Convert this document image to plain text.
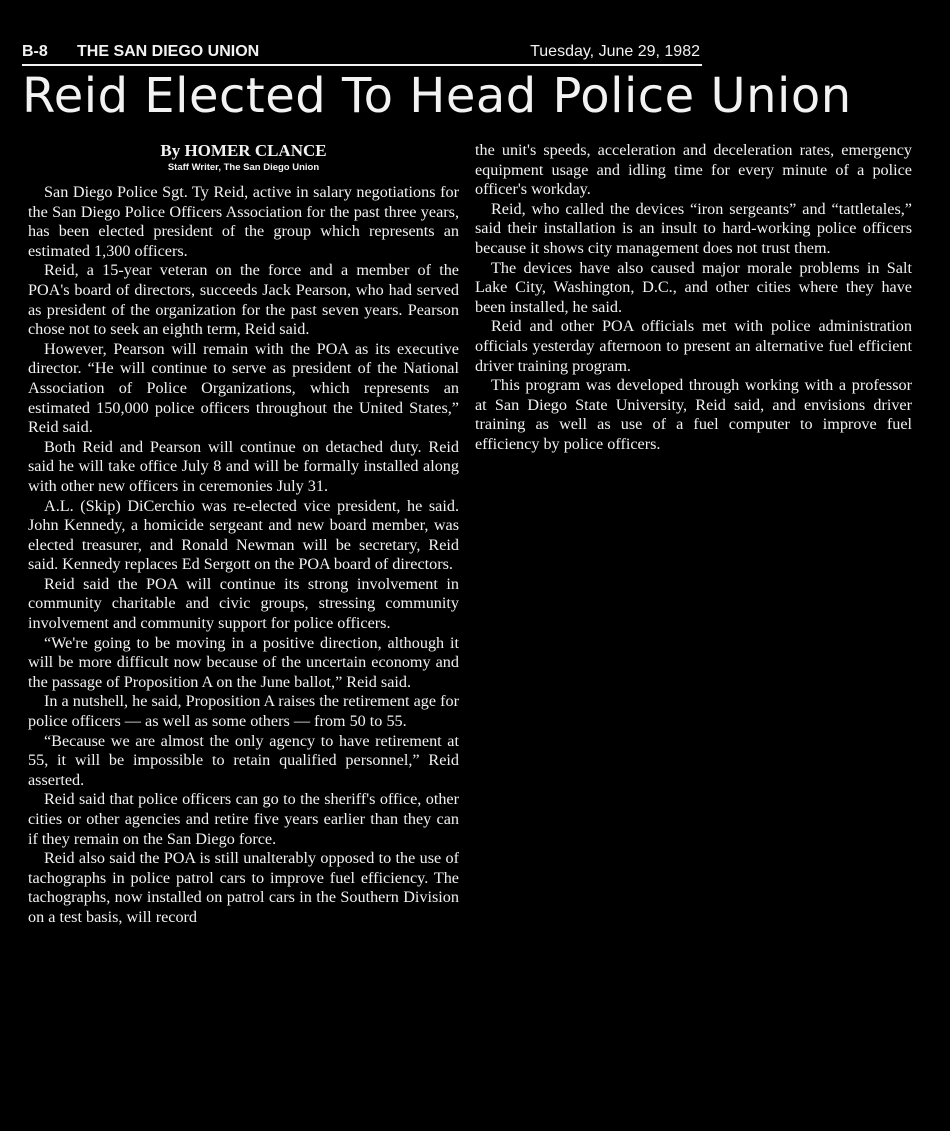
B-8 THE SAN DIEGO UNION	Tuesday, June 29, 1982
Reid Elected To Head Police Union
By HOMER CLANCE
Staff Writer, The San Diego Union

San Diego Police Sgt. Ty Reid, active in salary negotiations for the San Diego Police Officers Association for the past three years, has been elected president of the group which represents an estimated 1,300 officers.

Reid, a 15-year veteran on the force and a member of the POA's board of directors, succeeds Jack Pearson, who had served as president of the organization for the past seven years. Pearson chose not to seek an eighth term, Reid said.

However, Pearson will remain with the POA as its executive director. “He will continue to serve as president of the National Association of Police Organizations, which represents an estimated 150,000 police officers throughout the United States,” Reid said.

Both Reid and Pearson will continue on detached duty. Reid said he will take office July 8 and will be formally installed along with other new officers in ceremonies July 31.

A.L. (Skip) DiCerchio was re-elected vice president, he said. John Kennedy, a homicide sergeant and new board member, was elected treasurer, and Ronald Newman will be secretary, Reid said. Kennedy replaces Ed Sergott on the POA board of directors.

Reid said the POA will continue its strong involvement in community charitable and civic groups, stressing community involvement and community support for police officers.

“We're going to be moving in a positive direction, although it will be more difficult now because of the uncertain economy and the passage of Proposition A on the June ballot,” Reid said.

In a nutshell, he said, Proposition A raises the retirement age for police officers — as well as some others — from 50 to 55.

“Because we are almost the only agency to have retirement at 55, it will be impossible to retain qualified personnel,” Reid asserted.

Reid said that police officers can go to the sheriff's office, other cities or other agencies and retire five years earlier than they can if they remain on the San Diego force.

Reid also said the POA is still unalterably opposed to the use of tachographs in police patrol cars to improve fuel efficiency. The tachographs, now installed on patrol cars in the Southern Division on a test basis, will record

the unit's speeds, acceleration and deceleration rates, emergency equipment usage and idling time for every minute of a police officer's workday.

Reid, who called the devices “iron sergeants” and “tattletales,” said their installation is an insult to hard-working police officers because it shows city management does not trust them.

The devices have also caused major morale problems in Salt Lake City, Washington, D.C., and other cities where they have been installed, he said.

Reid and other POA officials met with police administration officials yesterday afternoon to present an alternative fuel efficient driver training program.

This program was developed through working with a professor at San Diego State University, Reid said, and envisions driver training as well as use of a fuel computer to improve fuel efficiency by police officers.
